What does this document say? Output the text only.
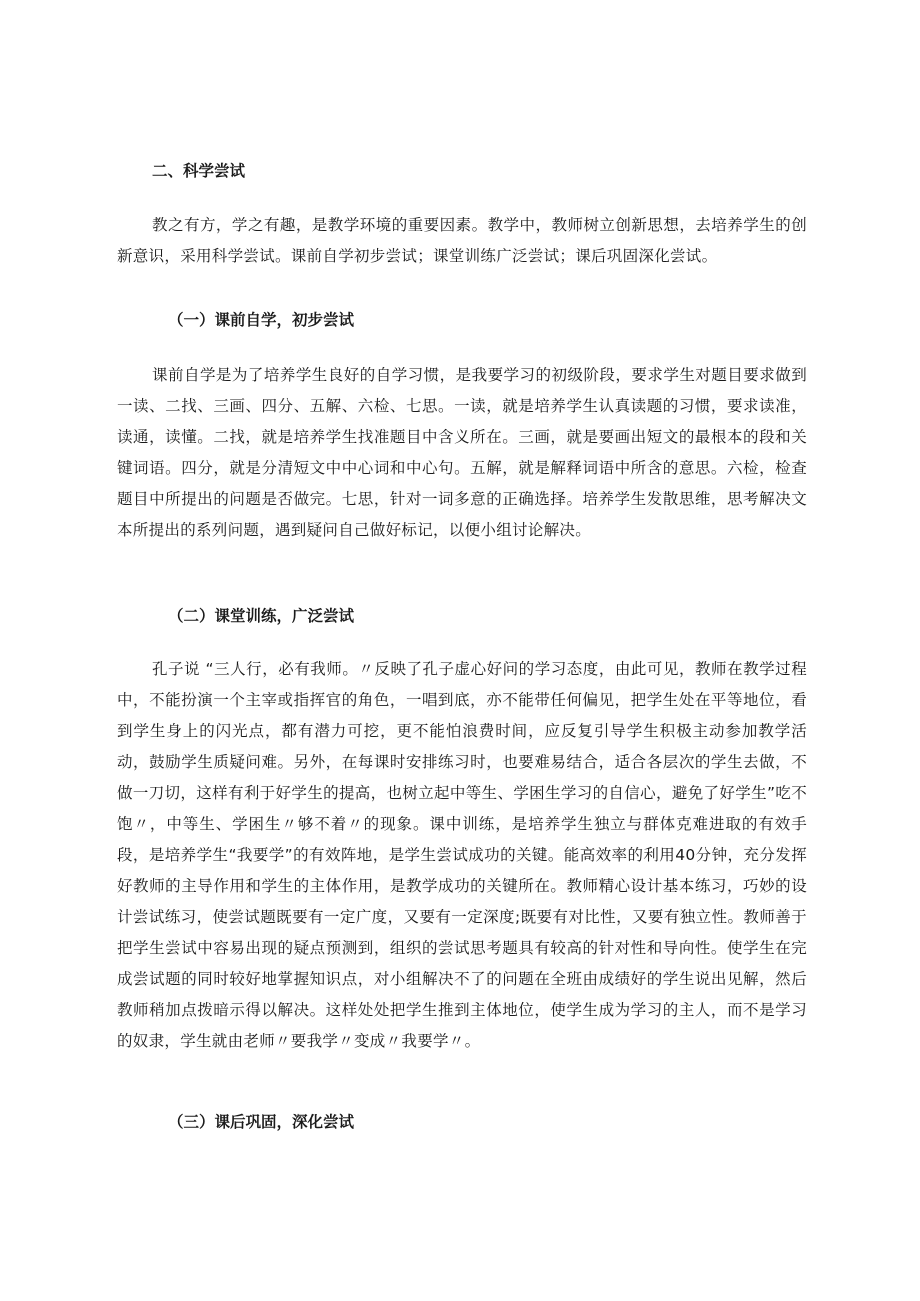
二、科学尝试

教之有方，学之有趣，是教学环境的重要因素。教学中，教师树立创新思想，去培养学生的创新意识，采用科学尝试。课前自学初步尝试；课堂训练广泛尝试；课后巩固深化尝试。

（一）课前自学，初步尝试

课前自学是为了培养学生良好的自学习惯，是我要学习的初级阶段，要求学生对题目要求做到一读、二找、三画、四分、五解、六检、七思。一读，就是培养学生认真读题的习惯，要求读准，读通，读懂。二找，就是培养学生找准题目中含义所在。三画，就是要画出短文的最根本的段和关键词语。四分，就是分清短文中中心词和中心句。五解，就是解释词语中所含的意思。六检，检查题目中所提出的问题是否做完。七思，针对一词多意的正确选择。培养学生发散思维，思考解决文本所提出的系列问题，遇到疑问自己做好标记，以便小组讨论解决。

（二）课堂训练，广泛尝试

孔子说 “三人行，必有我师。〃反映了孔子虚心好问的学习态度，由此可见，教师在教学过程中，不能扮演一个主宰或指挥官的角色，一唱到底，亦不能带任何偏见，把学生处在平等地位，看到学生身上的闪光点，都有潜力可挖，更不能怕浪费时间，应反复引导学生积极主动参加教学活动，鼓励学生质疑问难。另外，在每课时安排练习时，也要难易结合，适合各层次的学生去做，不做一刀切，这样有利于好学生的提高，也树立起中等生、学困生学习的自信心，避免了好学生”吃不饱〃，中等生、学困生〃够不着〃的现象。课中训练，是培养学生独立与群体克难进取的有效手段，是培养学生“我要学”的有效阵地，是学生尝试成功的关键。能高效率的利用40分钟，充分发挥好教师的主导作用和学生的主体作用，是教学成功的关键所在。教师精心设计基本练习，巧妙的设计尝试练习，使尝试题既要有一定广度，又要有一定深度;既要有对比性，又要有独立性。教师善于把学生尝试中容易出现的疑点预测到，组织的尝试思考题具有较高的针对性和导向性。使学生在完成尝试题的同时较好地掌握知识点，对小组解决不了的问题在全班由成绩好的学生说出见解，然后教师稍加点拨暗示得以解决。这样处处把学生推到主体地位，使学生成为学习的主人，而不是学习的奴隶，学生就由老师〃要我学〃变成〃我要学〃。

（三）课后巩固，深化尝试
